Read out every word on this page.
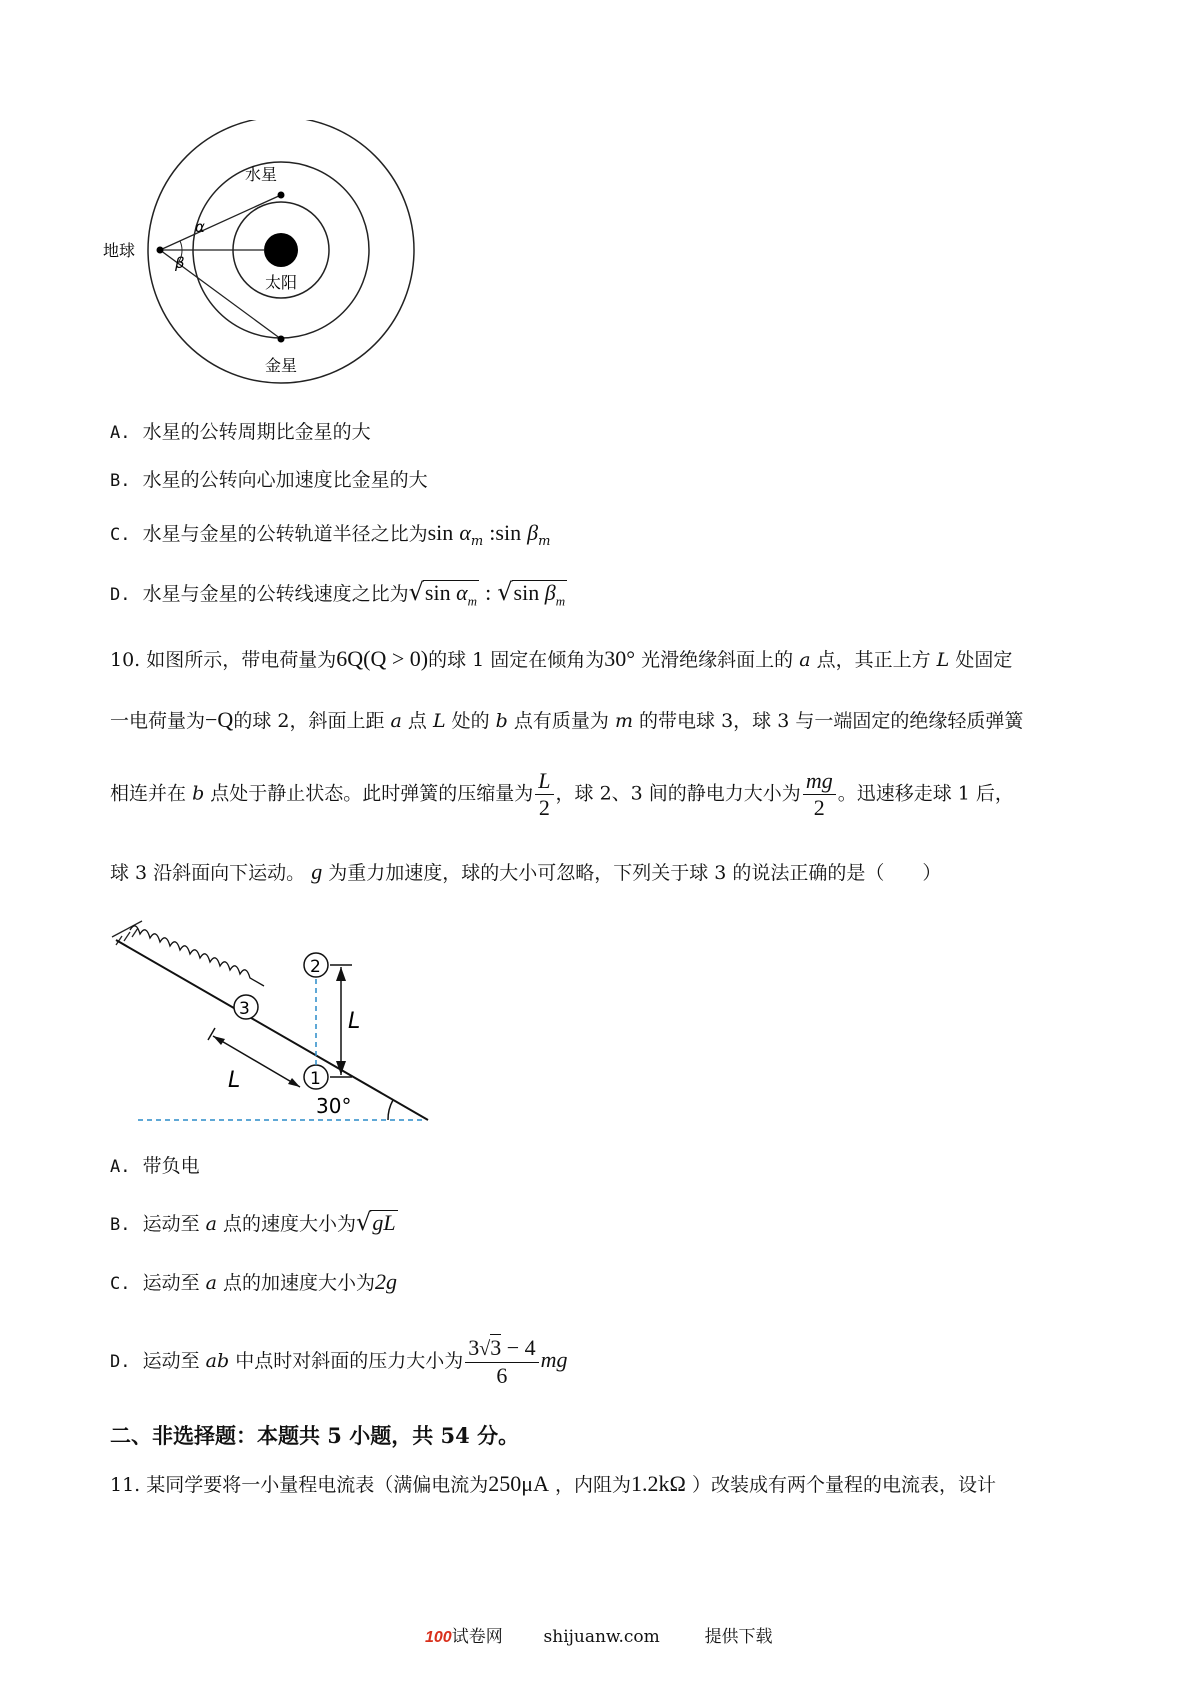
地球
水星
太阳
金星
α
β
A. 水星的公转周期比金星的大
B. 水星的公转向心加速度比金星的大
C. 水星与金星的公转轨道半径之比为$\sin \alpha_m$ :sin $\beta_m$
D. 水星与金星的公转线速度之比为√sin $\alpha_m$ : √sin $\beta_m$
10. 如图所示，带电荷量为6Q(Q > 0)的球 1 固定在倾角为30° 光滑绝缘斜面上的 a 点，其正上方 L 处固定
一电荷量为−Q的球 2，斜面上距 a 点 L 处的 b 点有质量为 m 的带电球 3，球 3 与一端固定的绝缘轻质弹簧
相连并在 b 点处于静止状态。此时弹簧的压缩量为 $\frac{L}{2}$ ，球 2、3 间的静电力大小为 $\frac{mg}{2}$ 。迅速移走球 1 后，
球 3 沿斜面向下运动。 g 为重力加速度，球的大小可忽略，下列关于球 3 的说法正确的是（　　）
3
L	1
2
L
30°
A. 带负电
B. 运动至 a 点的速度大小为√gL
C. 运动至 a 点的加速度大小为2g
D. 运动至 ab 中点时对斜面的压力大小为 $\frac{3√3 - 4}{6}$ mg
二、非选择题：本题共 5 小题，共 54 分。
11. 某同学要将一小量程电流表（满偏电流为250μA ，内阻为1.2kΩ ）改装成有两个量程的电流表，设计
100试卷网 shijuanw.com	提供下载
